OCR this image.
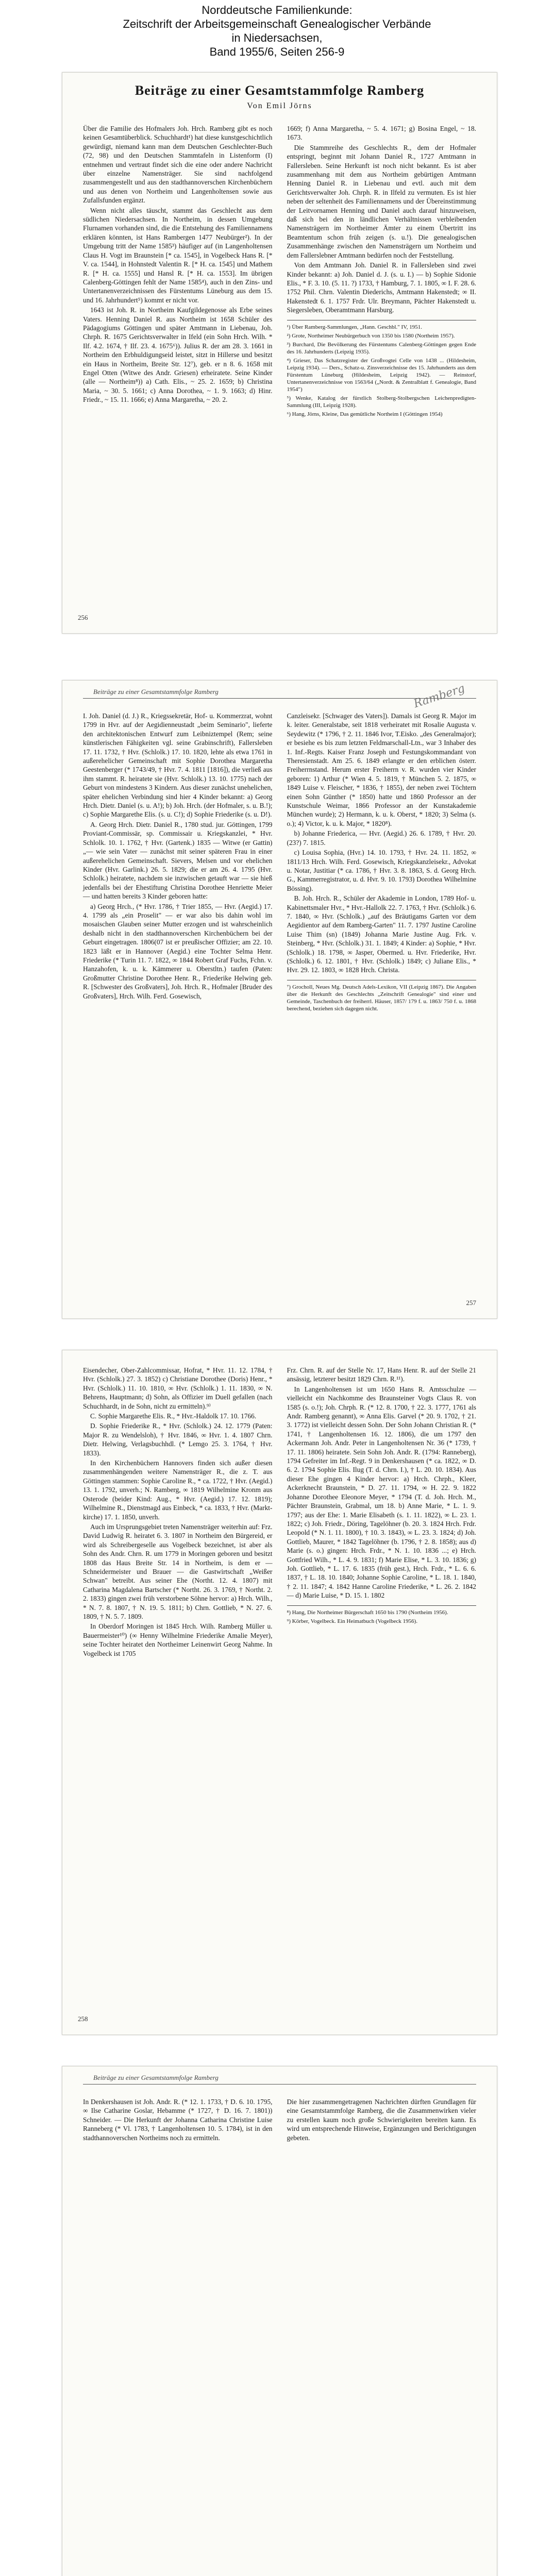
Norddeutsche Familienkunde:
Zeitschrift der Arbeitsgemeinschaft Genealogischer Verbände
in Niedersachsen,
Band 1955/6, Seiten 256-9
Beiträge zu einer Gesamtstammfolge Ramberg
Von Emil Jörns

Über die Familie des Hofmalers Joh. Hrch. Ramberg gibt es noch keinen Gesamtüberblick. Schuchhardt¹) hat diese kunstgeschichtlich gewürdigt, niemand kann man dem Deutschen Geschlechter-Buch (72, 98) und den Deutschen Stammtafeln in Listenform (I) entnehmen und vertraut findet sich die eine oder andere Nachricht über einzelne Namensträger. Sie sind nachfolgend zusammengestellt und aus den stadthannoverschen Kirchenbüchern und aus denen von Northeim und Langenholtensen sowie aus Zufallsfunden ergänzt.

Wenn nicht alles täuscht, stammt das Geschlecht aus dem südlichen Niedersachsen. In Northeim, in dessen Umgebung Flurnamen vorhanden sind, die die Entstehung des Familiennamens erklären könnten, ist Hans Rambergen 1477 Neubürger²). In der Umgebung tritt der Name 1585³) häufiger auf (in Langenholtensen Claus H. Vogt im Braunstein [* ca. 1545], in Vogelbeck Hans R. [* V. ca. 1544], in Hohnstedt Valentin R. [* H. ca. 1545] und Mathem R. [* H. ca. 1555] und Hansl R. [* H. ca. 1553]. Im übrigen Calenberg-Göttingen fehlt der Name 1585⁴), auch in den Zins- und Untertanenverzeichnissen des Fürstentums Lüneburg aus dem 15. und 16. Jahrhundert⁵) kommt er nicht vor.

1643 ist Joh. R. in Northeim Kaufgildegenosse als Erbe seines Vaters. Henning Daniel R. aus Northeim ist 1658 Schüler des Pädagogiums Göttingen und später Amtmann in Liebenau, Joh. Chrph. R. 1675 Gerichtsverwalter in Ifeld (ein Sohn Hrch. Wilh. * Ilf. 4.2. 1674, † Ilf. 23. 4. 1675⁶)). Julius R. der am 28. 3. 1661 in Northeim den Erbhuldigungseid leistet, sitzt in Hillerse und besitzt ein Haus in Northeim, Breite Str. 12⁷), geb. er n 8. 6. 1658 mit Engel Otten (Witwe des Andr. Griesen) erheiratete. Seine Kinder (alle — Northeim⁸)) a) Cath. Elis., ~ 25. 2. 1659; b) Christina Maria, ~ 30. 5. 1661; c) Anna Dorothea, ~ 1. 9. 1663; d) Hinr. Friedr., ~ 15. 11. 1666; e) Anna Margaretha, ~ 20. 2.

1669; f) Anna Margaretha, ~ 5. 4. 1671; g) Bosina Engel, ~ 18. 1673.

Die Stammreihe des Geschlechts R., dem der Hofmaler entspringt, beginnt mit Johann Daniel R., 1727 Amtmann in Fallersleben. Seine Herkunft ist noch nicht bekannt. Es ist aber zusammenhang mit dem aus Northeim gebürtigen Amtmann Henning Daniel R. in Liebenau und evtl. auch mit dem Gerichtsverwalter Joh. Chrph. R. in Ilfeld zu vermuten. Es ist hier neben der seltenheit des Familiennamens und der Übereinstimmung der Leitvornamen Henning und Daniel auch darauf hinzuweisen, daß sich bei den in ländlichen Verhältnissen verbleibenden Namensträgern im Northeimer Ämter zu einem Übertritt ins Beamtentum schon früh zeigen (s. u.!). Die genealogischen Zusammenhänge zwischen den Namensträgern um Northeim und dem Fallerslebner Amtmann bedürfen noch der Feststellung.

Von dem Amtmann Joh. Daniel R. in Fallersleben sind zwei Kinder bekannt: a) Joh. Daniel d. J. (s. u. I.) — b) Sophie Sidonie Elis., * F. 3. 10. (5. 11. ?) 1733, † Hamburg, 7. 1. 1805, ∞ I. F. 28. 6. 1752 Phil. Chrn. Valentin Diederichs, Amtmann Hakenstedt; ∞ II. Hakenstedt 6. 1. 1757 Frdr. Ulr. Breymann, Pächter Hakenstedt u. Siegersleben, Oberamtmann Harsburg.

¹) Über Ramberg-Sammlungen, „Hann. Geschbl." IV, 1951.

²) Grote, Northeimer Neubürgerbuch von 1350 bis 1580 (Northeim 1957).

³) Burchard, Die Bevölkerung des Fürstentums Calenberg-Göttingen gegen Ende des 16. Jahrhunderts (Leipzig 1935).

⁴) Grieser, Das Schatzregister der Großvogtei Celle von 1438 ... (Hildesheim, Leipzig 1934). — Ders., Schatz-u. Zinsverzeichnisse des 15. Jahrhunderts aus dem Fürstentum Lüneburg (Hildesheim, Leipzig 1942). — Reinstorf, Untertanenverzeichnisse von 1563/64 („Nordt. & Zentralblatt f. Genealogie, Band 1954")

⁵) Wenke, Katalog der fürstlich Stolberg-Stolbergschen Leichenpredigten-Sammlung (III, Leipzig 1928).

⁶) Hang, Jörns, Kleine, Das gemütliche Northeim I (Göttingen 1954)

256
Beiträge zu einer Gesamtstammfolge Ramberg	Ramberg

I. Joh. Daniel (d. J.) R., Kriegssekretär, Hof- u. Kommerzrat, wohnt 1799 in Hvr. auf der Aegidienneustadt „beim Seminario", lieferte den architektonischen Entwurf zum Leibniztempel (Rem; seine künstlerischen Fähigkeiten vgl. seine Grabinschrift), Fallersleben 17. 11. 1732, † Hvr. (Schlolk.) 17. 10. 1820, lehte als etwa 1761 in außerehelicher Gemeinschaft mit Sophie Dorothea Margaretha Geestenberger (* 1743/49, † Hvr. 7. 4. 1811 [1816]), die verließ aus ihm stammt. R. heiratete sie (Hvr. Schlolk.) 13. 10. 1775) nach der Geburt von mindestens 3 Kindern. Aus dieser zunächst unehelichen, später ehelichen Verbindung sind hier 4 Kinder bekannt: a) Georg Hrch. Dietr. Daniel (s. u. A!); b) Joh. Hrch. (der Hofmaler, s. u. B.!); c) Sophie Margarethe Elis. (s. u. C!); d) Sophie Friederike (s. u. D!).

A. Georg Hrch. Dietr. Daniel R., 1780 stud. jur. Göttingen, 1799 Proviant-Commissär, sp. Commissair u. Kriegskanzlei, * Hvr. Schlolk. 10. 1. 1762, † Hvr. (Gartenk.) 1835 — Witwe (er Gattin) „— wie sein Vater — zunächst mit seiner späteren Frau in einer außerehelichen Gemeinschaft. Sievers, Melsen und vor ehelichen Kinder (Hvr. Garlink.) 26. 5. 1829; die er am 26. 4. 1795 (Hvr. Schlolk.) heiratete, nachdem sie inzwischen getauft war — sie hieß jedenfalls bei der Ehestiftung Christina Dorothee Henriette Meier — und hatten bereits 3 Kinder geboren hatte:

a) Georg Hrch., (* Hvr. 1786, † Trier 1855, — Hvr. (Aegid.) 17. 4. 1799 als „ein Proselit" — er war also bis dahin wohl im mosaischen Glauben seiner Mutter erzogen und ist wahrscheinlich deshalb nicht in den stadthannoverschen Kirchenbüchern bei der Geburt eingetragen. 1806(07 ist er preußischer Offizier; am 22. 10. 1823 läßt er in Hannover (Aegid.) eine Tochter Selma Henr. Friederike (* Turin 11. 7. 1822, ∞ 1844 Robert Graf Fuchs, Fchn. v. Hanzahofen, k. u. k. Kämmerer u. Oberstltn.) taufen (Paten: Großmutter Christine Dorothee Henr. R., Friederike Helwing geb. R. [Schwester des Großvaters], Joh. Hrch. R., Hofmaler [Bruder des Großvaters], Hrch. Wilh. Ferd. Gosewisch,

Canzleisekr. [Schwager des Vaters]). Damals ist Georg R. Major im k. leiter. Generalstabe, seit 1818 verheiratet mit Rosalie Augusta v. Seydewitz (* 1796, † 2. 11. 1846 Ivor, T.Eisko. „des Generalmajor); er besiehe es bis zum letzten Feldmarschall-Ltn., war 3 Inhaber des 1. Inf.-Regts. Kaiser Franz Joseph und Festungskommandant von Theresienstadt. Am 25. 6. 1849 erlangte er den erblichen österr. Freiherrnstand. Herum erster Freiherrn v. R. wurden vier Kinder geboren: 1) Arthur (* Wien 4. 5. 1819, † München 5. 2. 1875, ∞ 1849 Luise v. Fleischer, * 1836, † 1855), der neben zwei Töchtern einen Sohn Günther (* 1850) hatte und 1860 Professor an der Kunstschule Weimar, 1866 Professor an der Kunstakademie München wurde); 2) Hermann, k. u. k. Oberst, * 1820; 3) Selma (s. o.); 4) Victor, k. u. k. Major, * 1820⁸).

b) Johanne Friederica, — Hvr. (Aegid.) 26. 6. 1789, † Hvr. 20. (23?) 7. 1815.

c) Louisa Sophia, (Hvr.) 14. 10. 1793, † Hvr. 24. 11. 1852, ∞ 1811/13 Hrch. Wilh. Ferd. Gosewisch, Kriegskanzleisekr., Advokat u. Notar, Justitiar (* ca. 1786, † Hvr. 3. 8. 1863, S. d. Georg Hrch. G., Kammerregistrator, u. d. Hvr. 9. 10. 1793) Dorothea Wilhelmine Bössing).

B. Joh. Hrch. R., Schüler der Akademie in London, 1789 Hof- u. Kabinettsmaler Hvr., * Hvr.-Hallolk 22. 7. 1763, † Hvr. (Schlolk.) 6. 7. 1840, ∞ Hvr. (Schlolk.) „auf des Bräutigams Garten vor dem Aegidientor auf dem Ramberg-Garten" 11. 7. 1797 Justine Caroline Luise Thim (sn) (1849) Johanna Marie Justine Aug. Frk. v. Steinberg, * Hvr. (Schlolk.) 31. 1. 1849; 4 Kinder: a) Sophie, * Hvr. (Schlolk.) 18. 1798, ∞ Jasper, Obermed. u. Hvr. Friederike, Hvr. (Schlolk.) 6. 12. 1801, † Hvr. (Schlolk.) 1849; c) Juliane Elis., * Hvr. 29. 12. 1803, ∞ 1828 Hrch. Christa.

⁷) Grocholl, Neues Mg. Deutsch Adels-Lexikon, VII (Leipzig 1867). Die Angaben über die Herkunft des Geschlechts „Zeitschrift Genealogie" sind einer und Gemeinde, Taschenbuch der freiherrl. Häuser, 1857/ 179 f. u. 1863/ 750 f. u. 1868 berechend, beziehen sich dagegen nicht.

257

Eisendecher, Ober-Zahlcommissar, Hofrat, * Hvr. 11. 12. 1784, † Hvr. (Schlolk.) 27. 3. 1852) c) Christiane Dorothee (Doris) Henr., * Hvr. (Schlolk.) 11. 10. 1810, ∞ Hvr. (Schlolk.) 1. 11. 1830, ∞ N. Behrens, Hauptmann; d) Sohn, als Offizier im Duell gefallen (nach Schuchhardt, in de Sohn, nicht zu ermitteln).⁹⁾

C. Sophie Margarethe Elis. R., * Hvr.-Haldolk 17. 10. 1766.

D. Sophie Friederike R., * Hvr. (Schlolk.) 24. 12. 1779 (Paten: Major R. zu Wendelsloh), † Hvr. 1846, ∞ Hvr. 1. 4. 1807 Chrn. Dietr. Helwing, Verlagsbuchhdl. (* Lemgo 25. 3. 1764, † Hvr. 1833).

In den Kirchenbüchern Hannovers finden sich außer diesen zusammenhängenden weitere Namensträger R., die z. T. aus Göttingen stammen: Sophie Caroline R., * ca. 1722, † Hvr. (Aegid.) 13. 1. 1792, unverh.; N. Ramberg, ∞ 1819 Wilhelmine Kronm aus Osterode (beider Kind: Aug., * Hvr. (Aegid.) 17. 12. 1819); Wilhelmine R., Dienstmagd aus Einbeck, * ca. 1833, † Hvr. (Markt-kirche) 17. 1. 1850, unverh.

Auch im Ursprungsgebiet treten Namensträger weiterhin auf: Frz. David Ludwig R. heiratet 6. 3. 1807 in Northeim den Bürgereid, er wird als Schreibergeselle aus Vogelbeck bezeichnet, ist aber als Sohn des Andr. Chrn. R. um 1779 in Moringen geboren und besitzt 1808 das Haus Breite Str. 14 in Northeim, is dem er — Schneidermeister und Brauer — die Gastwirtschaft „Weißer Schwan" betreibt. Aus seiner Ehe (Northt. 12. 4. 1807) mit Catharina Magdalena Bartscher (* Northt. 26. 3. 1769, † Northt. 2. 2. 1833) gingen zwei früh verstorbene Söhne hervor: a) Hrch. Wilh., * N. 7. 8. 1807, † N. 19. 5. 1811; b) Chrn. Gottlieb, * N. 27. 6. 1809, † N. 5. 7. 1809.

In Oberdorf Moringen ist 1845 Hrch. Wilh. Ramberg Müller u. Bauermeister¹⁰) (∞ Henny Wilhelmine Friederike Amalie Meyer), seine Tochter heiratet den Northeimer Leinenwirt Georg Nahme. In Vogelbeck ist 1705

Frz. Chrn. R. auf der Stelle Nr. 17, Hans Henr. R. auf der Stelle 21 ansässig, letzterer besitzt 1829 Chrn. R.¹¹).

In Langenholtensen ist um 1650 Hans R. Amtsschulze — vielleicht ein Nachkomme des Braunsteiner Vogts Claus R. von 1585 (s. o.!); Joh. Chrph. R. (* 12. 8. 1700, † 22. 3. 1777, 1761 als Andr. Ramberg genannt), ∞ Anna Elis. Garvel (* 20. 9. 1702, † 21. 3. 1772) ist vielleicht dessen Sohn. Der Sohn Johann Christian R. (* 1741, † Langenholtensen 16. 12. 1806), die um 1797 den Ackermann Joh. Andr. Peter in Langenholtensen Nr. 36 (* 1739, † 17. 11. 1806) heiratete. Sein Sohn Joh. Andr. R. (1794: Ranneberg), 1794 Gefreiter im Inf.-Regt. 9 in Denkershausen (* ca. 1822, ∞ D. 6. 2. 1794 Sophie Elis. Ilug (T. d. Chrn. I.), † L. 20. 10. 1834). Aus dieser Ehe gingen 4 Kinder hervor: a) Hrch. Chrph., Kleer, Ackerknecht Braunstein, * D. 27. 11. 1794, ∞ H. 22. 9. 1822 Johanne Dorothee Eleonore Meyer, * 1794 (T. d. Joh. Hrch. M., Pächter Braunstein, Grabmal, um 18. b) Anne Marie, * L. 1. 9. 1797; aus der Ehe: 1. Marie Elisabeth (s. 1. 11. 1822), ∞ L. 23. 1. 1822; c) Joh. Friedr., Döring, Tagelöhner (b. 20. 3. 1824 Hrch. Frdr. Leopold (* N. 1. 11. 1800), † 10. 3. 1843), ∞ L. 23. 3. 1824; d) Joh. Gottlieb, Maurer, * 1842 Tagelöhner (b. 1796, † 2. 8. 1858); aus d) Marie (s. o.) gingen: Hrch. Frdr., * N. 1. 10. 1836 ...; e) Hrch. Gottfried Wilh., * L. 4. 9. 1831; f) Marie Elise, * L. 3. 10. 1836; g) Joh. Gottlieb, * L. 17. 6. 1835 (früh gest.), Hrch. Frdr., * L. 6. 6. 1837, † L. 18. 10. 1840; Johanne Sophie Caroline, * L. 18. 1. 1840, † 2. 11. 1847; 4. 1842 Hanne Caroline Friederike, * L. 26. 2. 1842 — d) Marie Luise, * D. 15. 1. 1802

⁸) Hang, Die Northeimer Bürgerschaft 1650 bis 1790 (Northeim 1956).

⁹) Körber, Vogelbeck. Ein Heimatbuch (Vogelbeck 1956).

258
Beiträge zu einer Gesamtstammfolge Ramberg

In Denkershausen ist Joh. Andr. R. (* 12. 1. 1733, † D. 6. 10. 1795, ∞ Ilse Catharine Goslar, Hebamme (* 1727, † D. 16. 7. 1801)) Schneider. — Die Herkunft der Johanna Catharina Christine Luise Ranneberg (* Vl. 1783, † Langenholtensen 10. 5. 1784), ist in den stadthannoverschen Northeims noch zu ermitteln.

Die hier zusammengetragenen Nachrichten dürften Grundlagen für eine Gesamtstammfolge Ramberg, die die Zusammenwirken vieler zu erstellen kaum noch große Schwierigkeiten bereiten kann. Es wird um entsprechende Hinweise, Ergänzungen und Berichtigungen gebeten.
